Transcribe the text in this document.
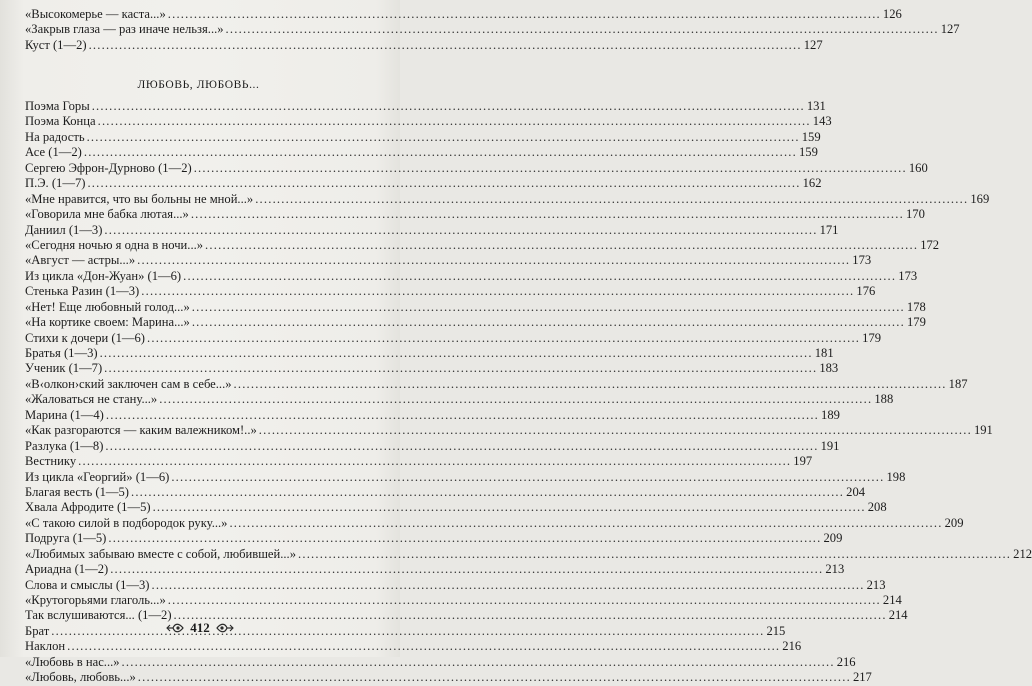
«Высокомерье — каста...» .....	126
«Закрыв глаза — раз иначе нельзя...» .....	127
Куст (1—2) .....	127
ЛЮБОВЬ, ЛЮБОВЬ...
Поэма Горы .....	131
Поэма Конца .....	143
На радость .....	159
Асе (1—2) .....	159
Сергею Эфрон-Дурново (1—2) .....	160
П.Э. (1—7) .....	162
«Мне нравится, что вы больны не мной...» .....	169
«Говорила мне бабка лютая...» .....	170
Даниил (1—3) .....	171
«Сегодня ночью я одна в ночи...» .....	172
«Август — астры...» .....	173
Из цикла «Дон-Жуан» (1—6) .....	173
Стенька Разин (1—3) .....	176
«Нет! Еще любовный голод...» .....	178
«На кортике своем: Марина...» .....	179
Стихи к дочери (1—6) .....	179
Братья (1—3) .....	181
Ученик (1—7) .....	183
«В‹олкон›ский заключен сам в себе...» .....	187
«Жаловаться не стану...» .....	188
Марина (1—4) .....	189
«Как разгораются — каким валежником!..» .....	191
Разлука (1—8) .....	191
Вестнику .....	197
Из цикла «Георгий» (1—6) .....	198
Благая весть (1—5) .....	204
Хвала Афродите (1—5) .....	208
«С такою силой в подбородок руку...» .....	209
Подруга (1—5) .....	209
«Любимых забываю вместе с собой, любившей...» .....	212
Ариадна (1—2) .....	213
Слова и смыслы (1—3) .....	213
«Крутогорьями глаголь...» .....	214
Так вслушиваются... (1—2) .....	214
Брат .....	215
Наклон .....	216
«Любовь в нас...» .....	216
«Любовь, любовь...» .....	217
412
